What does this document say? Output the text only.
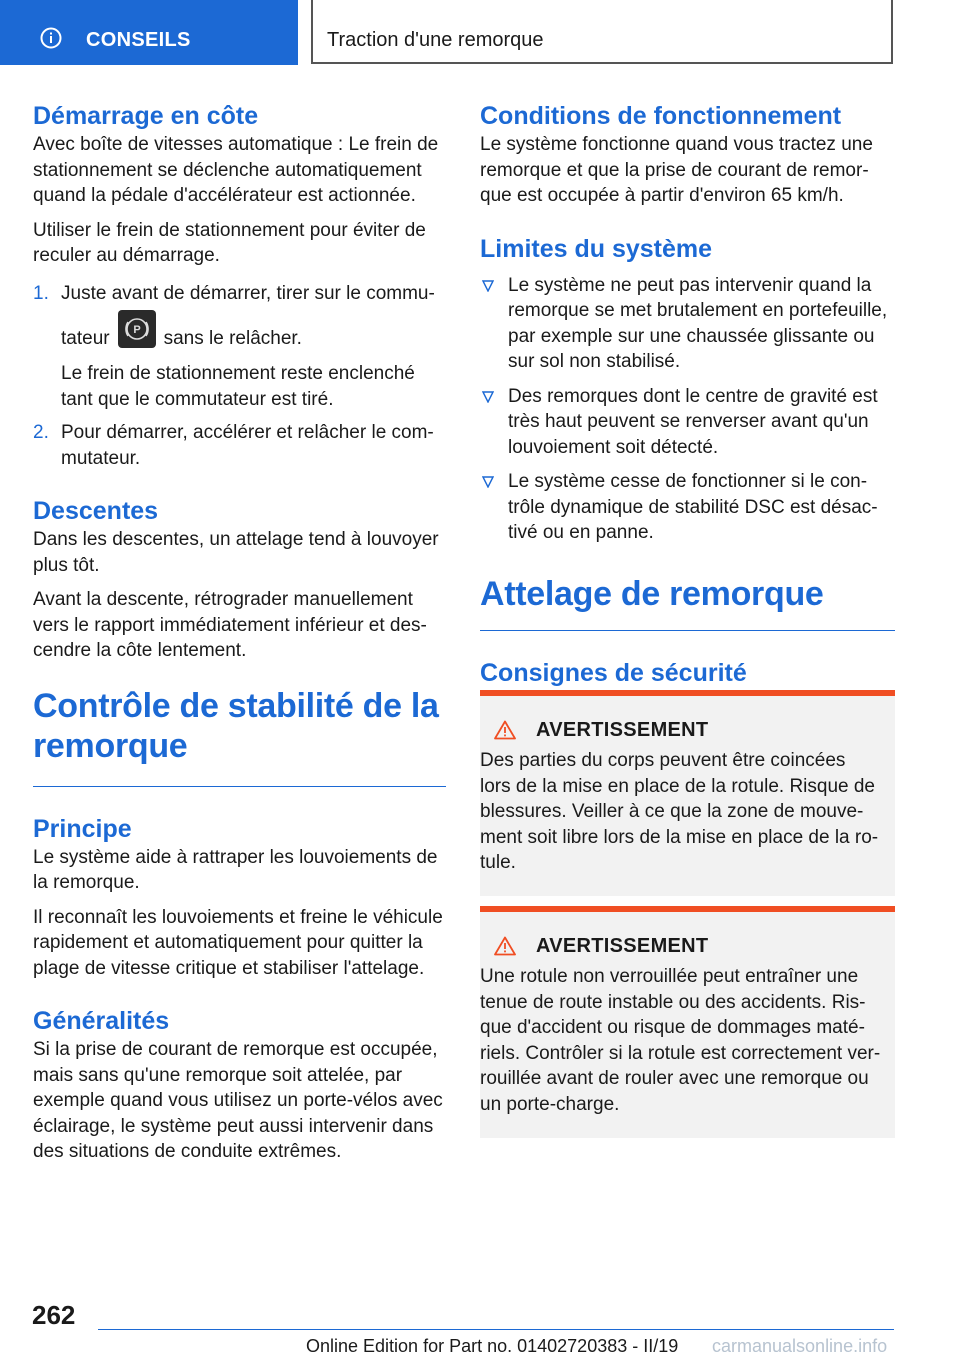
CONSEILS	Traction d'une remorque
Démarrage en côte

Avec boîte de vitesses automatique : Le frein de
stationnement se déclenche automatiquement
quand la pédale d'accélérateur est actionnée.

Utiliser le frein de stationnement pour éviter de
reculer au démarrage.

1. Juste avant de démarrer, tirer sur le commu-

tateur P sans le relâcher.

Le frein de stationnement reste enclenché
tant que le commutateur est tiré.

2. Pour démarrer, accélérer et relâcher le com-
mutateur.

Descentes

Dans les descentes, un attelage tend à louvoyer
plus tôt.

Avant la descente, rétrograder manuellement
vers le rapport immédiatement inférieur et des-
cendre la côte lentement.

Contrôle de stabilité de la
remorque
Principe

Le système aide à rattraper les louvoiements de
la remorque.

Il reconnaît les louvoiements et freine le véhicule
rapidement et automatiquement pour quitter la
plage de vitesse critique et stabiliser l'attelage.

Généralités

Si la prise de courant de remorque est occupée,
mais sans qu'une remorque soit attelée, par
exemple quand vous utilisez un porte-vélos avec
éclairage, le système peut aussi intervenir dans
des situations de conduite extrêmes.

Conditions de fonctionnement

Le système fonctionne quand vous tractez une
remorque et que la prise de courant de remor-
que est occupée à partir d'environ 65 km/h.

Limites du système

Le système ne peut pas intervenir quand la
remorque se met brutalement en portefeuille,
par exemple sur une chaussée glissante ou
sur sol non stabilisé.

Des remorques dont le centre de gravité est
très haut peuvent se renverser avant qu'un
louvoiement soit détecté.

Le système cesse de fonctionner si le con-
trôle dynamique de stabilité DSC est désac-
tivé ou en panne.

Attelage de remorque
Consignes de sécurité
AVERTISSEMENT

Des parties du corps peuvent être coincées
lors de la mise en place de la rotule. Risque de
blessures. Veiller à ce que la zone de mouve-
ment soit libre lors de la mise en place de la ro-
tule.

AVERTISSEMENT

Une rotule non verrouillée peut entraîner une
tenue de route instable ou des accidents. Ris-
que d'accident ou risque de dommages maté-
riels. Contrôler si la rotule est correctement ver-
rouillée avant de rouler avec une remorque ou
un porte-charge.

262
Online Edition for Part no. 01402720383 - II/19 carmanualsonline.info
